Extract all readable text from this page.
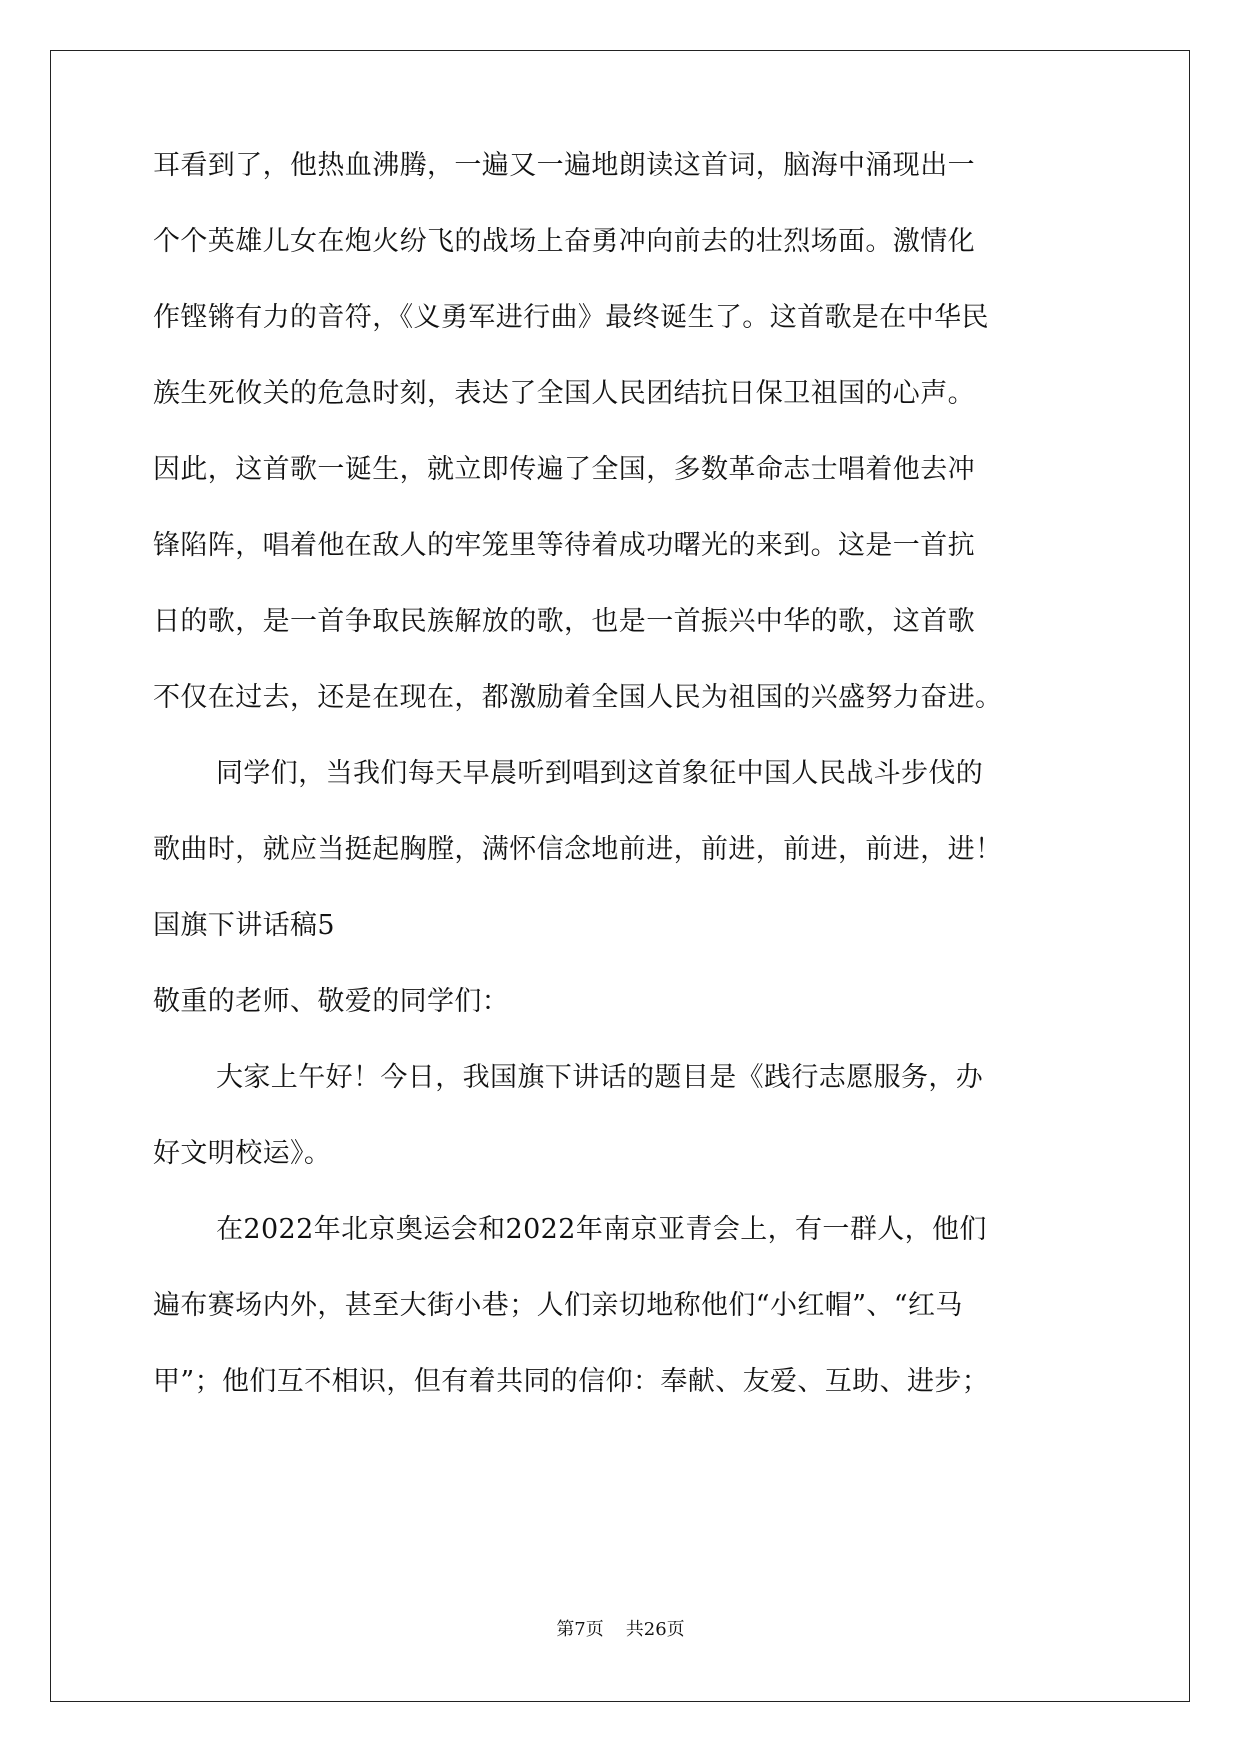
耳看到了，他热血沸腾，一遍又一遍地朗读这首词，脑海中涌现出一
个个英雄儿女在炮火纷飞的战场上奋勇冲向前去的壮烈场面。激情化
作铿锵有力的音符，《义勇军进行曲》最终诞生了。这首歌是在中华民
族生死攸关的危急时刻，表达了全国人民团结抗日保卫祖国的心声。
因此，这首歌一诞生，就立即传遍了全国，多数革命志士唱着他去冲
锋陷阵，唱着他在敌人的牢笼里等待着成功曙光的来到。这是一首抗
日的歌，是一首争取民族解放的歌，也是一首振兴中华的歌，这首歌
不仅在过去，还是在现在，都激励着全国人民为祖国的兴盛努力奋进。
同学们，当我们每天早晨听到唱到这首象征中国人民战斗步伐的
歌曲时，就应当挺起胸膛，满怀信念地前进，前进，前进，前进，进！
国旗下讲话稿5
敬重的老师、敬爱的同学们：
大家上午好！今日，我国旗下讲话的题目是《践行志愿服务，办
好文明校运》。
在2022年北京奥运会和2022年南京亚青会上，有一群人，他们
遍布赛场内外，甚至大街小巷；人们亲切地称他们“小红帽”、“红马
甲”；他们互不相识，但有着共同的信仰：奉献、友爱、互助、进步；
第7页 共26页
